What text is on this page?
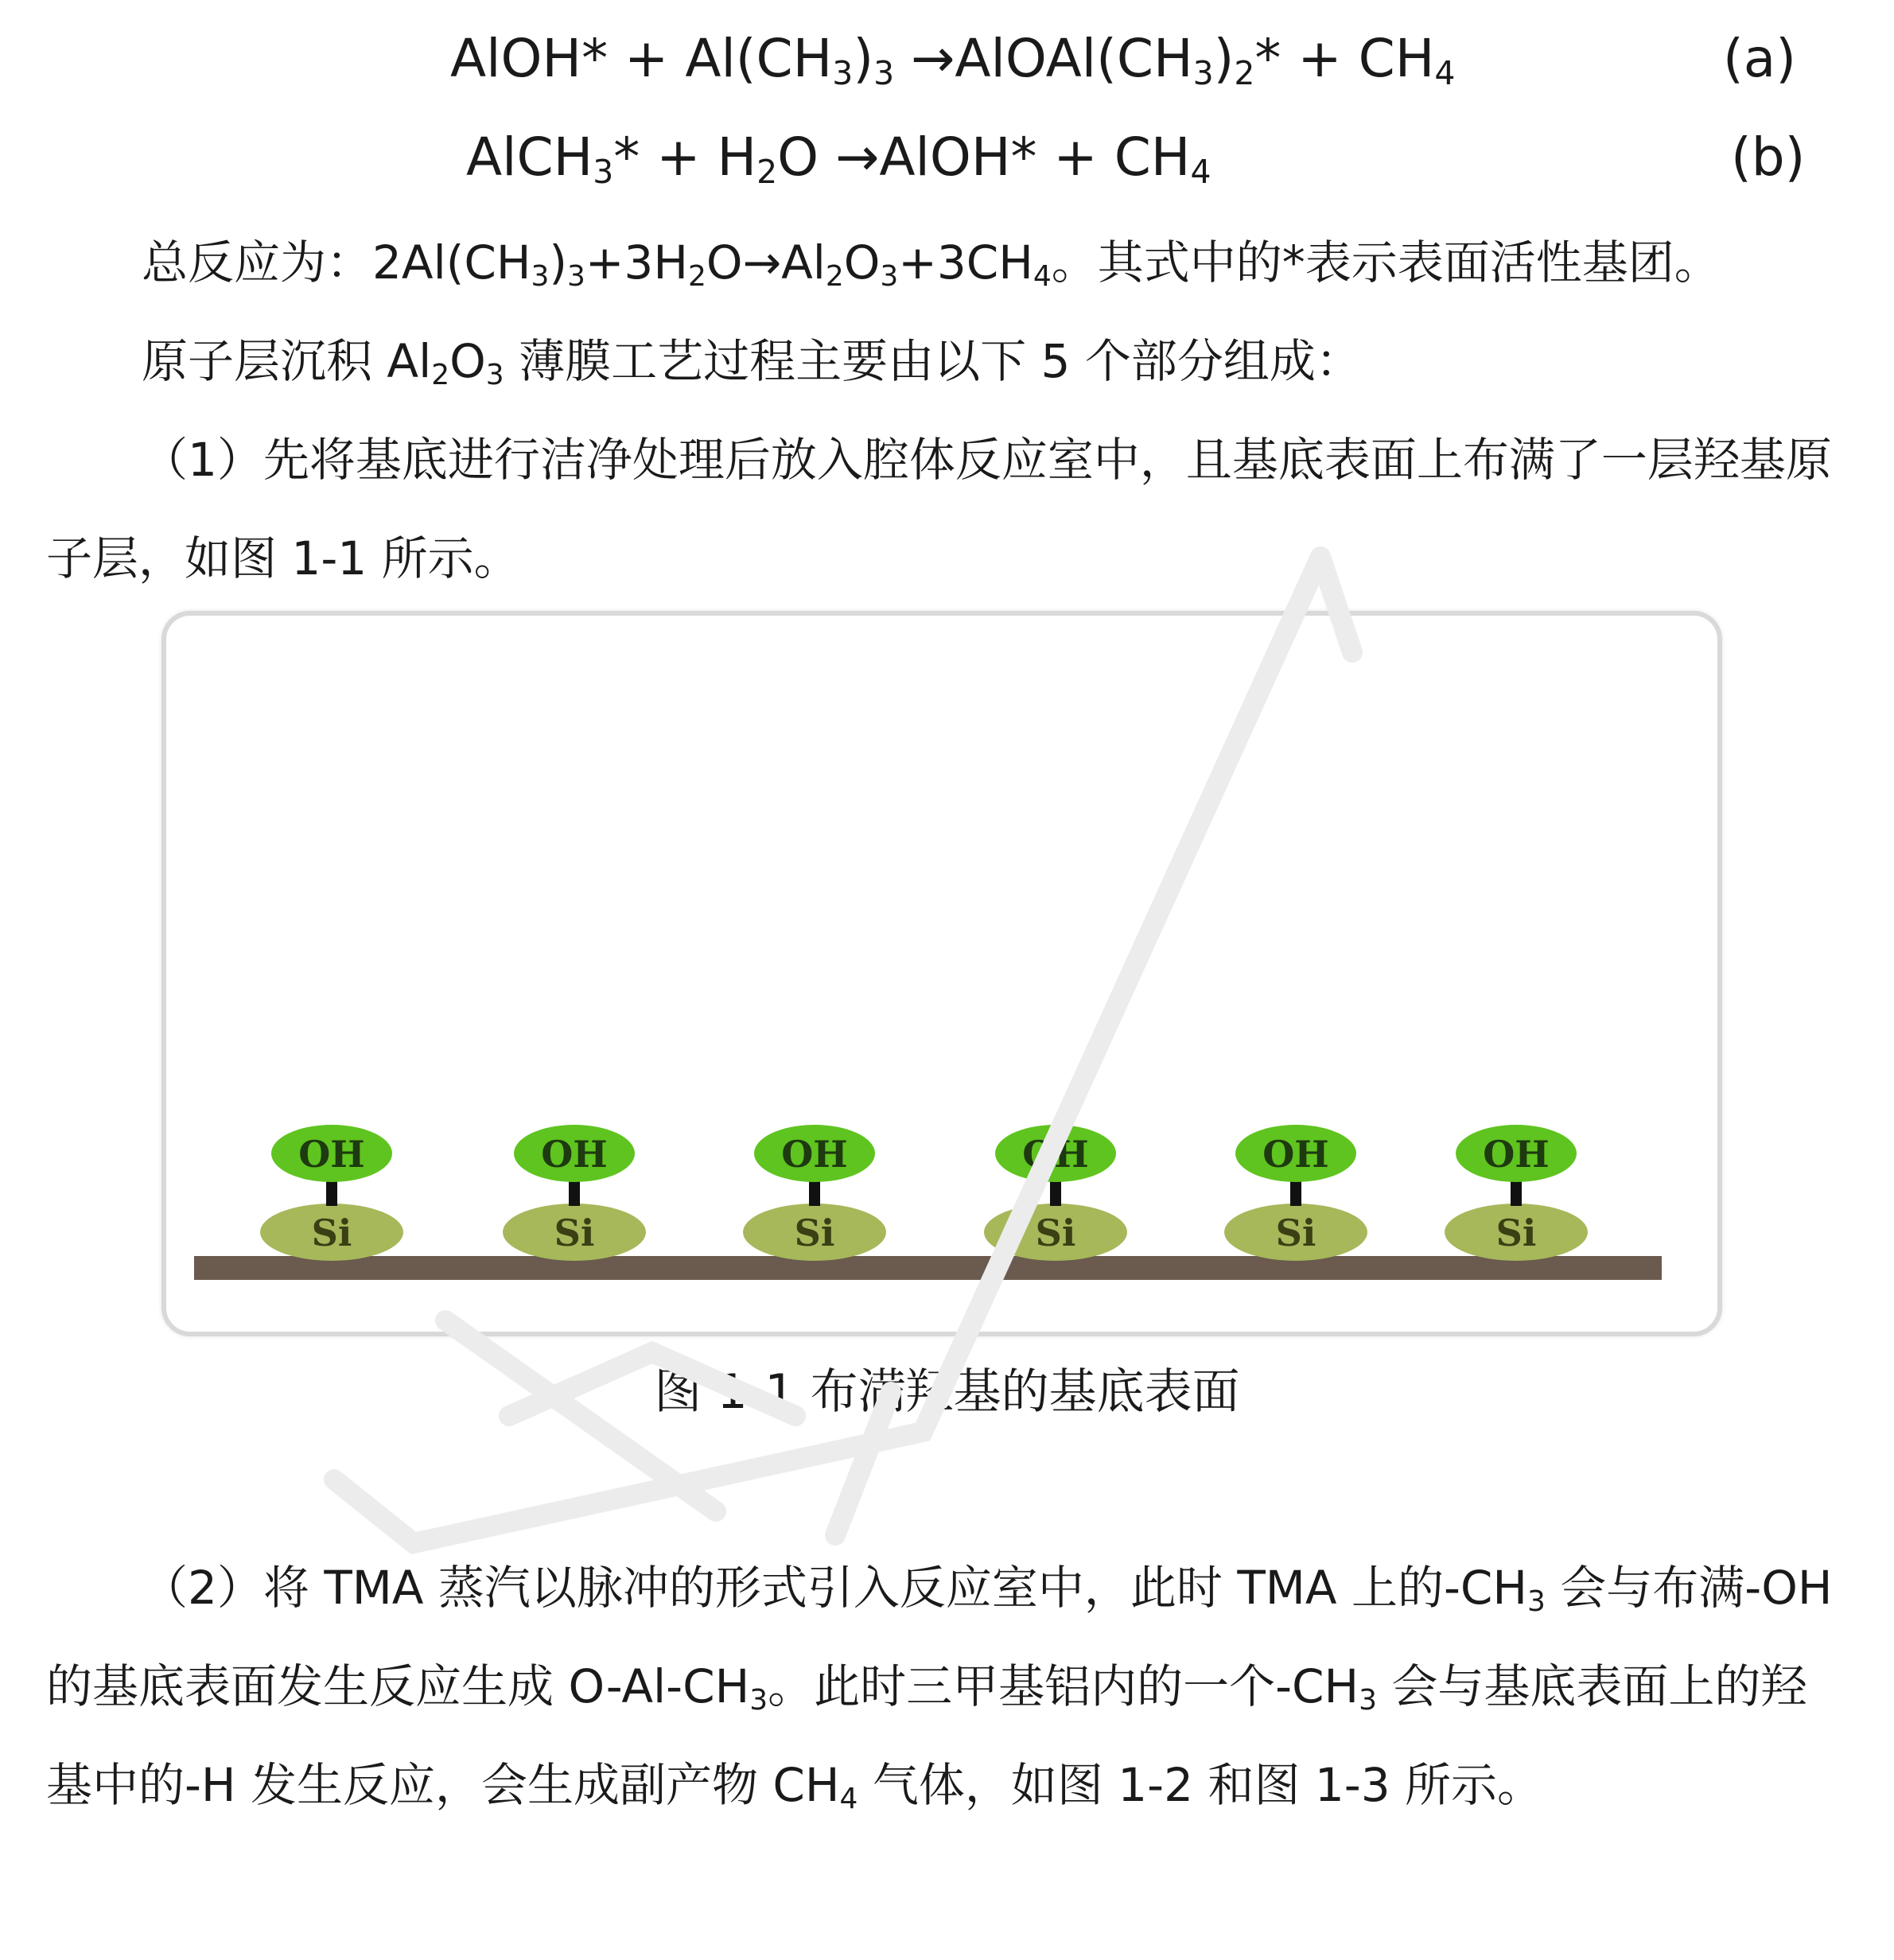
AlOH* + $Al(CH_3)_3$ $\to AlOAl(CH_3)_2* + CH_4$	(a)
AlCH$_3$* + $H_2O$ →AlOH* + $CH_4$	(b)

总反应为：$2Al(CH_3)_3+3H_2O\to Al_2O_3+3CH_4$。其式中的*表示表面活性基团。

原子层沉积 $Al_2O_3$ 薄膜工艺过程主要由以下 5 个部分组成：

（1）先将基底进行洁净处理后放入腔体反应室中，且基底表面上布满了一层羟基原子层，如图 1-1 所示。

OH
Si
OH
Si
OH
Si
OH
Si
OH
Si
OH
Si
图 1-1 布满羟基的基底表面

（2）将 TMA 蒸汽以脉冲的形式引入反应室中，此时 TMA 上的$-CH_3$ 会与布满-OH 的基底表面发生反应生成 $O-Al-CH_3$。此时三甲基铝内的一个$-CH_3$ 会与基底表面上的羟基中的-H 发生反应，会生成副产物 $CH_4$ 气体，如图 1-2 和图 1-3 所示。
